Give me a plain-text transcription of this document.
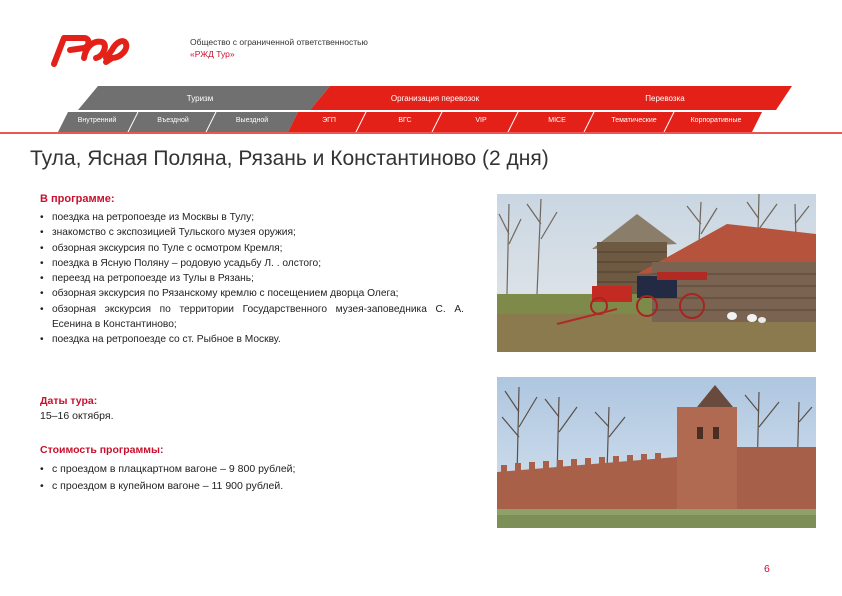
Общество с ограниченной ответственностью
«РЖД Тур»
Туризм	Организация перевозок	Перевозка
Внутренний	Въездной	Выездной	ЭГП	ВГС	VIP	MICE	Тематические	Корпоративные
Тула, Ясная Поляна, Рязань и Константиново (2 дня)
В программе:
• поездка на ретропоезде из Москвы в Тулу;
• знакомство с экспозицией Тульского музея оружия;
• обзорная экскурсия по Туле с осмотром Кремля;
• поездка в Ясную Поляну – родовую усадьбу Л. . олстого;
• переезд на ретропоезде из Тулы в Рязань;
• обзорная экскурсия по Рязанскому кремлю с посещением дворца Олега;
• обзорная экскурсия по территории Государственного музея-заповедника С. А. Есенина в Константиново;
• поездка на ретропоезде со ст. Рыбное в Москву.
Даты тура:
15–16 октября.
Стоимость программы:
• с проездом в плацкартном вагоне – 9 800 рублей;
• с проездом в купейном вагоне – 11 900 рублей.
6
